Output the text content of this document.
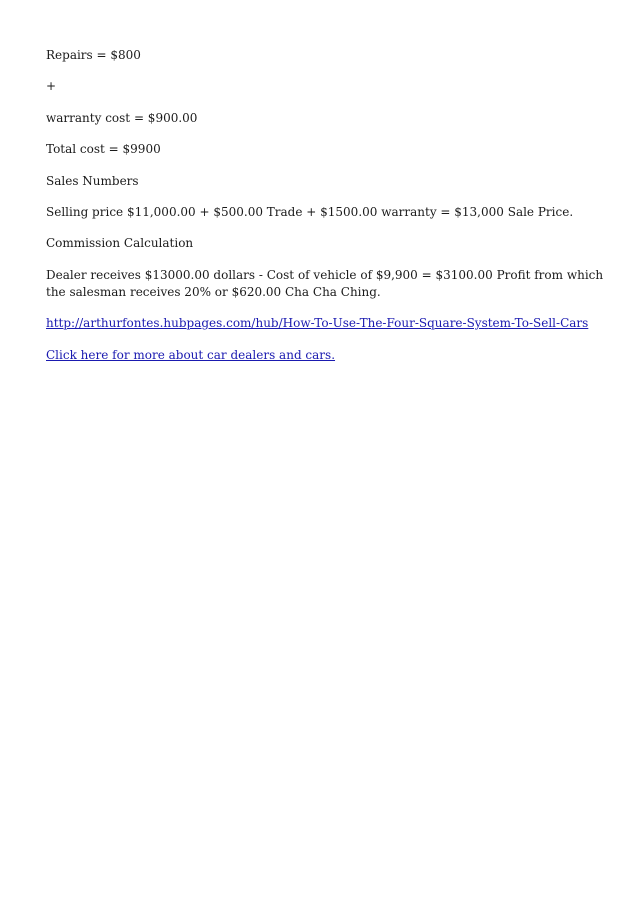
Repairs = $800

+

warranty cost = $900.00

Total cost = $9900

Sales Numbers

Selling price $11,000.00 + $500.00 Trade + $1500.00 warranty = $13,000 Sale Price.

Commission Calculation

Dealer receives $13000.00 dollars - Cost of vehicle of $9,900 = $3100.00 Profit from which the salesman receives 20% or $620.00 Cha Cha Ching.

http://arthurfontes.hubpages.com/hub/How-To-Use-The-Four-Square-System-To-Sell-Cars

Click here for more about car dealers and cars.
